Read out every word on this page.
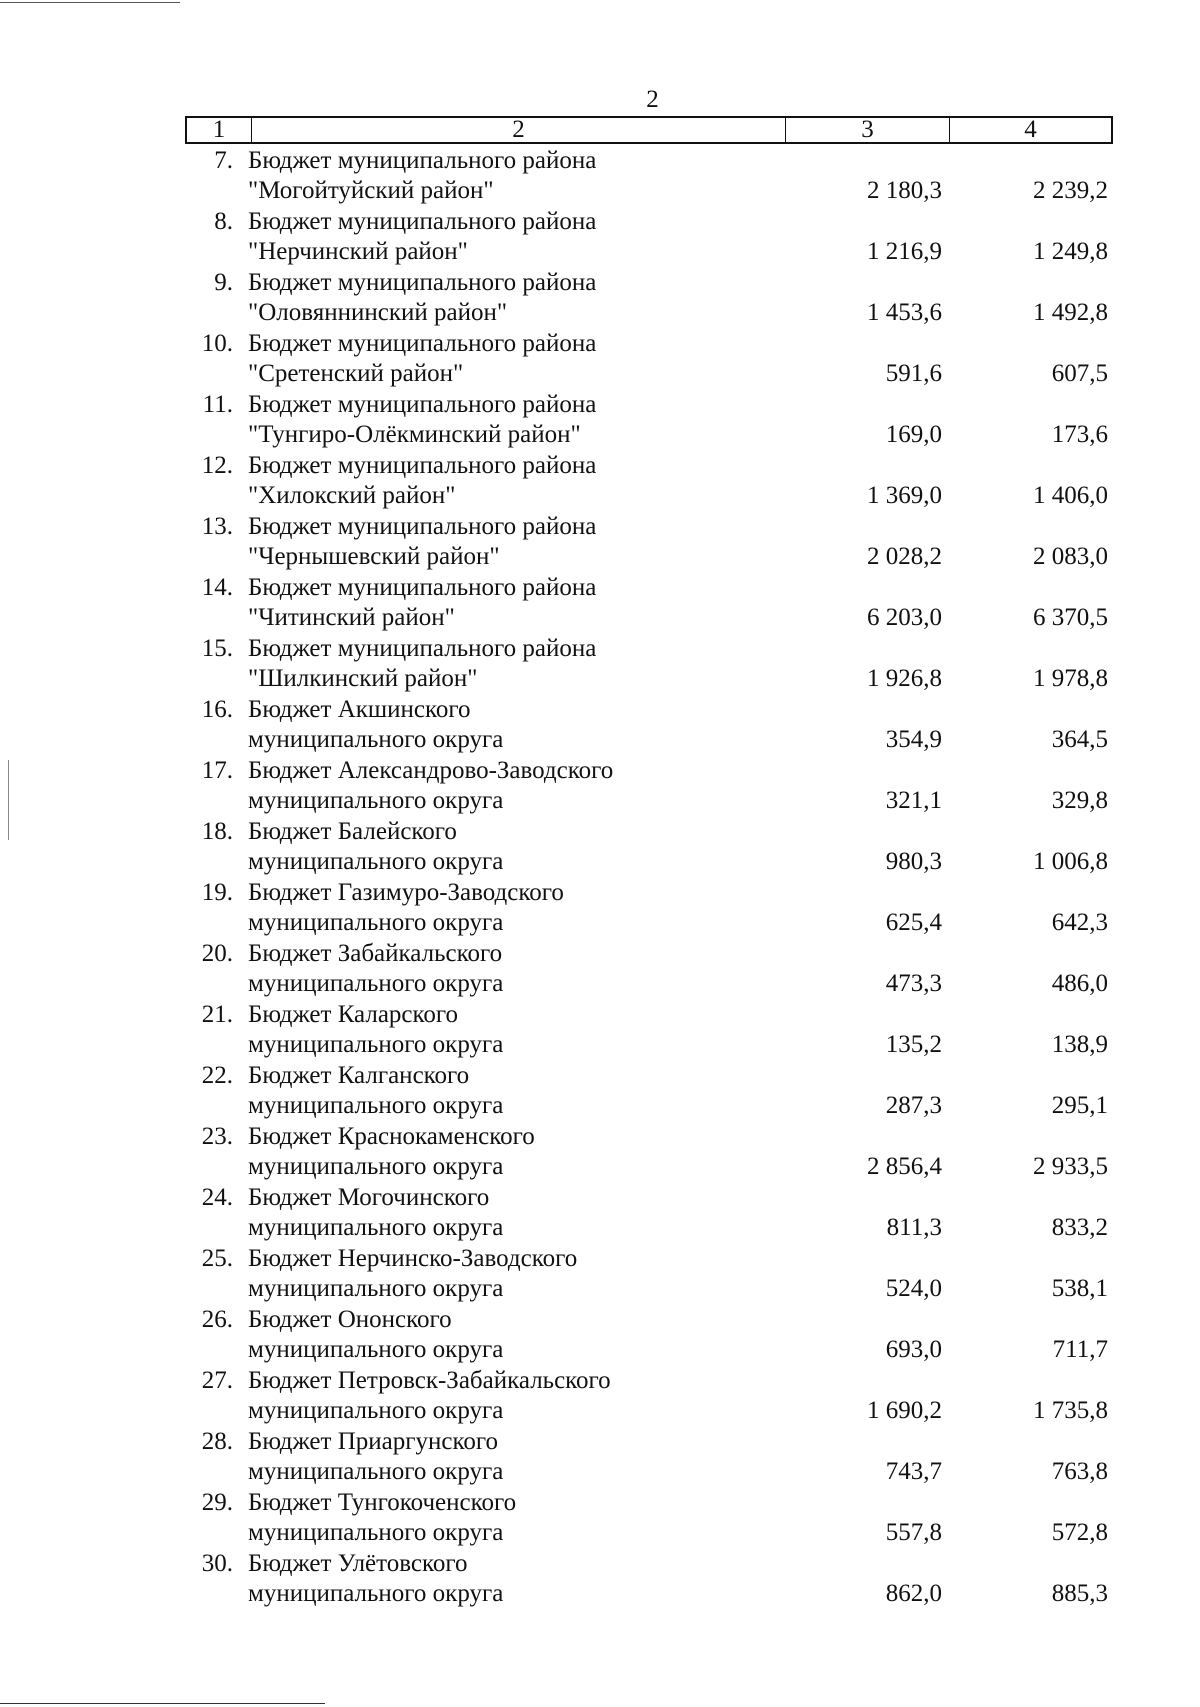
2
1	2	3	4
7. Бюджет муниципального района
"Могойтуйский район"	2 180,3	2 239,2
8. Бюджет муниципального района
"Нерчинский район"	1 216,9	1 249,8
9. Бюджет муниципального района
"Оловяннинский район"	1 453,6	1 492,8
10. Бюджет муниципального района
"Сретенский район"	591,6	607,5
11. Бюджет муниципального района
"Тунгиро-Олёкминский район"	169,0	173,6
12. Бюджет муниципального района
"Хилокский район"	1 369,0	1 406,0
13. Бюджет муниципального района
"Чернышевский район"	2 028,2	2 083,0
14. Бюджет муниципального района
"Читинский район"	6 203,0	6 370,5
15. Бюджет муниципального района
"Шилкинский район"	1 926,8	1 978,8
16. Бюджет Акшинского
муниципального округа	354,9	364,5
17. Бюджет Александрово-Заводского
муниципального округа	321,1	329,8
18. Бюджет Балейского
муниципального округа	980,3	1 006,8
19. Бюджет Газимуро-Заводского
муниципального округа	625,4	642,3
20. Бюджет Забайкальского
муниципального округа	473,3	486,0
21. Бюджет Каларского
муниципального округа	135,2	138,9
22. Бюджет Калганского
муниципального округа	287,3	295,1
23. Бюджет Краснокаменского
муниципального округа	2 856,4	2 933,5
24. Бюджет Могочинского
муниципального округа	811,3	833,2
25. Бюджет Нерчинско-Заводского
муниципального округа	524,0	538,1
26. Бюджет Ононского
муниципального округа	693,0	711,7
27. Бюджет Петровск-Забайкальского
муниципального округа	1 690,2	1 735,8
28. Бюджет Приаргунского
муниципального округа	743,7	763,8
29. Бюджет Тунгокоченского
муниципального округа	557,8	572,8
30. Бюджет Улётовского
муниципального округа	862,0	885,3
